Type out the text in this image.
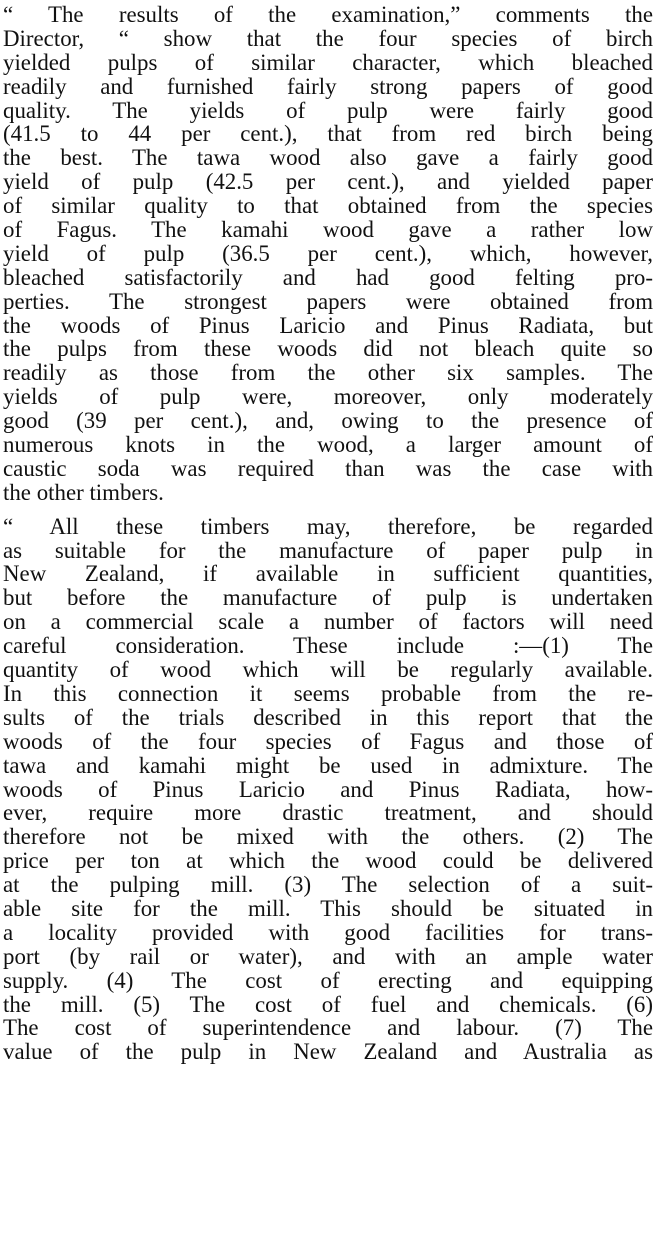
“ The results of the examination,” comments the
Director, “ show that the four species of birch
yielded pulps of similar character, which bleached
readily and furnished fairly strong papers of good
quality. The yields of pulp were fairly good
(41.5 to 44 per cent.), that from red birch being
the best. The tawa wood also gave a fairly good
yield of pulp (42.5 per cent.), and yielded paper
of similar quality to that obtained from the species
of Fagus. The kamahi wood gave a rather low
yield of pulp (36.5 per cent.), which, however,
bleached satisfactorily and had good felting pro-
perties. The strongest papers were obtained from
the woods of Pinus Laricio and Pinus Radiata, but
the pulps from these woods did not bleach quite so
readily as those from the other six samples. The
yields of pulp were, moreover, only moderately
good (39 per cent.), and, owing to the presence of
numerous knots in the wood, a larger amount of
caustic soda was required than was the case with
the other timbers.
“ All these timbers may, therefore, be regarded
as suitable for the manufacture of paper pulp in
New Zealand, if available in sufficient quantities,
but before the manufacture of pulp is undertaken
on a commercial scale a number of factors will need
careful consideration. These include :—(1) The
quantity of wood which will be regularly available.
In this connection it seems probable from the re-
sults of the trials described in this report that the
woods of the four species of Fagus and those of
tawa and kamahi might be used in admixture. The
woods of Pinus Laricio and Pinus Radiata, how-
ever, require more drastic treatment, and should
therefore not be mixed with the others. (2) The
price per ton at which the wood could be delivered
at the pulping mill. (3) The selection of a suit-
able site for the mill. This should be situated in
a locality provided with good facilities for trans-
port (by rail or water), and with an ample water
supply. (4) The cost of erecting and equipping
the mill. (5) The cost of fuel and chemicals. (6)
The cost of superintendence and labour. (7) The
value of the pulp in New Zealand and Australia as
